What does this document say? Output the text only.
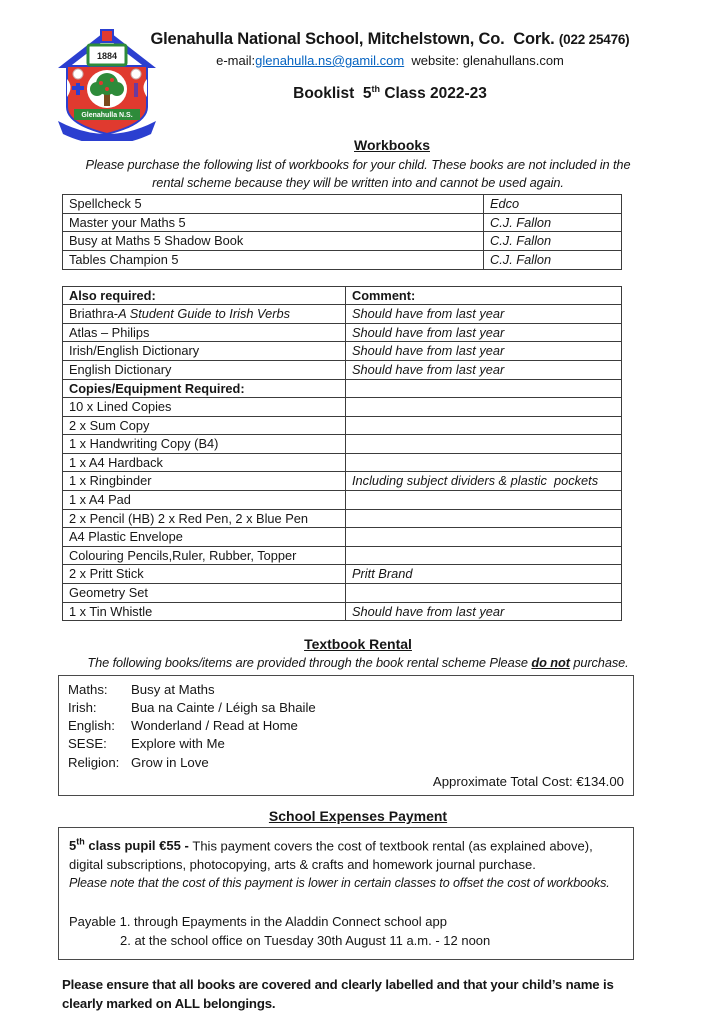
1884
Glenahulla N.S.
Glenahulla National School, Mitchelstown, Co.  Cork. (022 25476)
e-mail:glenahulla.ns@gamil.com  website: glenahullans.com
Booklist  5th Class 2022-23
Workbooks
Please purchase the following list of workbooks for your child. These books are not included in the
rental scheme because they will be written into and cannot be used again.
Spellcheck 5	Edco
Master your Maths 5	C.J. Fallon
Busy at Maths 5 Shadow Book	C.J. Fallon
Tables Champion 5	C.J. Fallon
Also required:	Comment:
Briathra-A Student Guide to Irish Verbs	Should have from last year
Atlas – Philips	Should have from last year
Irish/English Dictionary	Should have from last year
English Dictionary	Should have from last year
Copies/Equipment Required:	
10 x Lined Copies	
2 x Sum Copy	
1 x Handwriting Copy (B4)	
1 x A4 Hardback	
1 x Ringbinder	Including subject dividers & plastic  pockets
1 x A4 Pad	
2 x Pencil (HB) 2 x Red Pen, 2 x Blue Pen	
A4 Plastic Envelope	
Colouring Pencils,Ruler, Rubber, Topper	
2 x Pritt Stick	Pritt Brand
Geometry Set	
1 x Tin Whistle	Should have from last year
Textbook Rental
The following books/items are provided through the book rental scheme Please do not purchase.
Maths: Busy at Maths
Irish:	Bua na Cainte / Léigh sa Bhaile
English: Wonderland / Read at Home
SESE: Explore with Me
Religion: Grow in Love
Approximate Total Cost: €134.00
School Expenses Payment
5th class pupil €55 - This payment covers the cost of textbook rental (as explained above),
digital subscriptions, photocopying, arts & crafts and homework journal purchase.
Please note that the cost of this payment is lower in certain classes to offset the cost of workbooks.
Payable 1. through Epayments in the Aladdin Connect school app
2. at the school office on Tuesday 30th August 11 a.m. - 12 noon
Please ensure that all books are covered and clearly labelled and that your child’s name is
clearly marked on ALL belongings.
